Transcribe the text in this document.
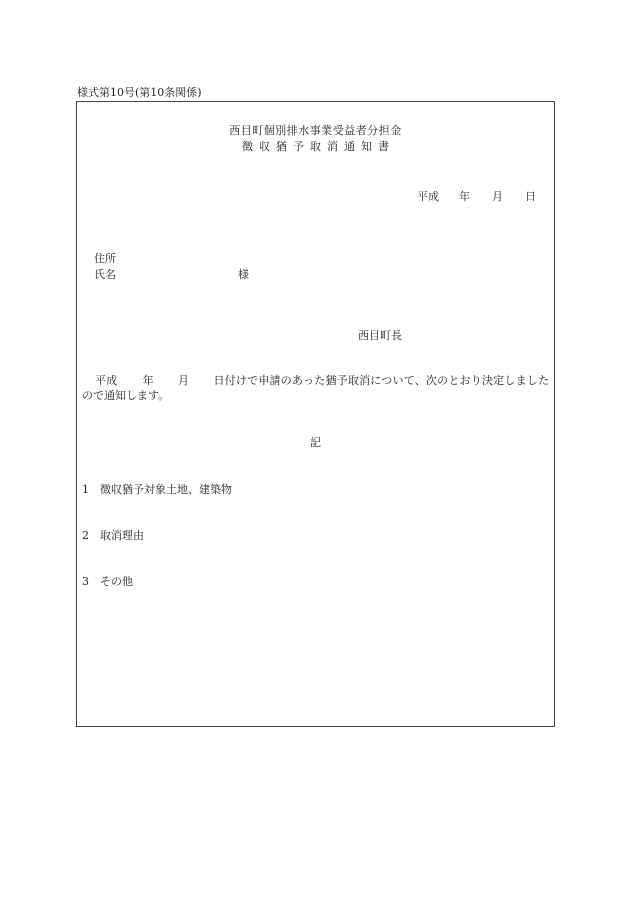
様式第10号(第10条関係)
西目町個別排水事業受益者分担金
徴収猶予取消通知書
平成 年 月 日
住所
氏名	様
西目町長
平成 年 月 日付けで申請のあった猶予取消について、次のとおり決定しましたので通知します。
記
1 徴収猶予対象土地、建築物
2 取消理由
3 その他
